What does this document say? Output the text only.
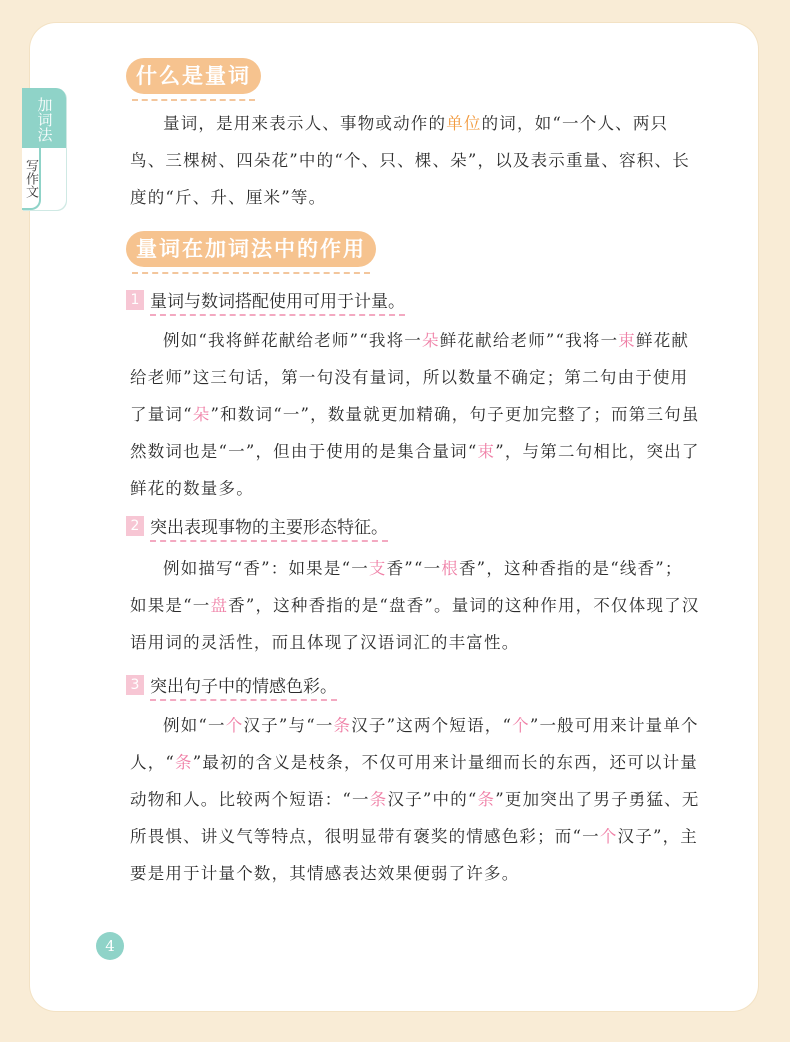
加词法
写作文
什么是量词

量词，是用来表示人、事物或动作的单位的词，如“一个人、两只鸟、三棵树、四朵花”中的“个、只、棵、朵”，以及表示重量、容积、长度的“斤、升、厘米”等。

量词在加词法中的作用
1 量词与数词搭配使用可用于计量。

例如“我将鲜花献给老师”“我将一朵鲜花献给老师”“我将一束鲜花献给老师”这三句话，第一句没有量词，所以数量不确定；第二句由于使用了量词“朵”和数词“一”，数量就更加精确，句子更加完整了；而第三句虽然数词也是“一”，但由于使用的是集合量词“束”，与第二句相比，突出了鲜花的数量多。

2 突出表现事物的主要形态特征。

例如描写“香”：如果是“一支香”“一根香”，这种香指的是“线香”；如果是“一盘香”，这种香指的是“盘香”。量词的这种作用，不仅体现了汉语用词的灵活性，而且体现了汉语词汇的丰富性。

3 突出句子中的情感色彩。

例如“一个汉子”与“一条汉子”这两个短语，“个”一般可用来计量单个人，“条”最初的含义是枝条，不仅可用来计量细而长的东西，还可以计量动物和人。比较两个短语：“一条汉子”中的“条”更加突出了男子勇猛、无所畏惧、讲义气等特点，很明显带有褒奖的情感色彩；而“一个汉子”，主要是用于计量个数，其情感表达效果便弱了许多。

4
